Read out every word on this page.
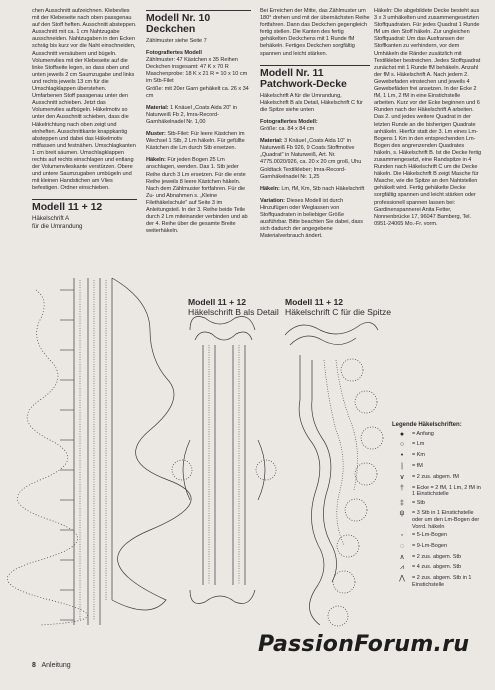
chen Ausschnitt aufzeichnen. Klebevlies mit der Klebeseite nach oben passgenau auf den Stoff heften. Ausschnitt absteppen. Ausschnitt mit ca. 1 cm Nahtzugabe ausschneiden. Nahtzugaben in den Ecken schräg bis kurz vor die Naht einschneiden, Ausschnitt versäubern und bügeln. Volumenvlies mit der Klebeseite auf die linke Stoffseite legen, so dass oben und unten jeweils 2 cm Saumzugabe und links und rechts jeweils 13 cm für die Umschlagklappen überstehen. Umfarbenen Stoff passgenau unter den Ausschnitt schieben. Jetzt das Volumenvlies aufbügeln. Häkelmotiv so unter den Ausschnitt schieben, dass die Häkelrichtung nach oben zeigt und einheften. Ausschnittkante knappkantig absteppen und dabei das Häkelmotiv mitfassen und festnähen. Umschlagkanten 1 cm breit säumen. Umschlagklappen rechts auf rechts einschlagen und entlang der Volumenvlieskante verstürzen. Obere und untere Saumzugaben umbügeln und mit kleinen Handstichen am Vlies befestigen. Ordner einschieben.

Modell 11 + 12
Häkelschrift A
für die Umrandung
Modell Nr. 10
Deckchen

Zählmuster siehe Seite 7

Fotografiertes Modell

Zählmuster: 47 Kästchen x 35 Reihen

Deckchen insgesamt: 47 K x 70 R

Maschenprobe: 18 K x 21 R = 10 x 10 cm im Stb-Filet

Größe: mit 20er Garn gehäkelt ca. 26 x 34 cm

Material: 1 Knäuel „Coats Aida 20" in Naturweiß Fb 2, Imra-Record-Garnhäkelnadel Nr. 1,00

Muster: Stb-Filet: Für leere Kästchen im Wechsel 1 Stb, 2 Lm häkeln. Für gefüllte Kästchen die Lm durch Stb ersetzen.

Häkeln: Für jeden Bogen 25 Lm anschlagen, wenden. Das 1. Stb jeder Reihe durch 3 Lm ersetzen. Für die erste Reihe jeweils 8 leere Kästchen häkeln. Nach dem Zählmuster fortfahren. Für die Zu- und Abnahmen s. „Kleine Filethäkelschule" auf Seite 3 im Anleitungsteil. In der 3. Reihe beide Teile durch 2 Lm miteinander verbinden und ab der 4. Reihe über die gesamte Breite weiterhäkeln.

Bei Erreichen der Mitte, das Zählmuster um 180° drehen und mit der übernächsten Reihe fortfahren. Dann das Deckchen gegengleich fertig stellen. Die Kanten des fertig gehäkelten Deckchens mit 1 Runde fM behäkeln. Fertiges Deckchen sorgfältig spannen und leicht stärken.

Modell Nr. 11
Patchwork-Decke

Häkelschrift A für die Umrandung, Häkelschrift B als Detail, Häkelschrift C für die Spitze siehe unten

Fotografiertes Modell:

Größe: ca. 84 x 84 cm

Material: 3 Knäuel „Coats Aida 10" in Naturweiß Fb 926, 9 Coats Stoffmotive „Quadrat" in Naturweiß, Art. Nr. 4775.0020/926, ca. 20 x 20 cm groß, Uhu Goldtack Textilkleber; Imra-Record-Garnhäkelnadel Nr. 1,25

Häkeln: Lm, fM, Km, Stb nach Häkelschrift

Variation: Dieses Modell ist durch Hinzufügen oder Weglassen von Stoffquadraten in beliebiger Größe ausführbar. Bitte beachten Sie dabei, dass sich dadurch der angegebene Materialverbrauch ändert.

Häkeln: Die abgebildete Decke besteht aus 3 x 3 umhäkelten und zusammengesetzten Stoffquadraten. Für jedes Quadrat 1 Runde fM um den Stoff häkeln. Zur ungleichen Stoffquadrat: Um das Ausfransen der Stoffkanten zu verhindern, vor dem Umhäkeln die Ränder zusätzlich mit Textilkleber bestreichen. Jedes Stoffquadrat zunächst mit 1 Runde fM behäkeln. Anzahl der fM s. Häkelschrift A. Nach jedem 2. Gewebefaden einstechen und jeweils 4 Gewebefäden frei ansetzen. In der Ecke 2 fM, 1 Lm, 2 fM in eine Einstichstelle arbeiten. Kurz vor der Ecke beginnen und 6 Runden nach der Häkelschrift A arbeiten. Das 2. und jedes weitere Quadrat in der letzten Runde an die bisherigen Quadrate anhäkeln. Hierfür statt der 3. Lm eines Lm-Bogens 1 Km in den entsprechenden Lm-Bogen des angrenzenden Quadrates häkeln, s. Häkelschrift B. Ist die Decke fertig zusammengesetzt, eine Randspitze in 4 Runden nach Häkelschrift C um die Decke häkeln. Die Häkelschrift B zeigt Masche für Masche, wie die Spitze an den Nahtstellen gehäkelt wird. Fertig gehäkelte Decke sorgfältig spannen und leicht stärken oder professionell spannen lassen bei: Gardinenspannerei Anita Fetter, Nonnenbrücke 17, 96047 Bamberg, Tel. 0951-24065 Mo.-Fr. vorm.

Modell 11 + 12
Häkelschrift B als Detail
Modell 11 + 12
Häkelschrift C für die Spitze
Legende Häkelschriften:
●	= Anfang
○	= Lm
•	= Km
|	= fM
∨	= 2 zus. abgem. fM
†	= Ecke = 2 fM, 1 Lm, 2 fM in 1 Einstichstelle
‡	= Stb
ψ	= 3 Stb in 1 Einstichstelle oder um den Lm-Bogen der Vorrd. häkeln
◦	= 5-Lm-Bogen
◌	= 9-Lm-Bogen
∧	= 2 zus. abgem. Stb
⩘	= 4 zus. abgem. Stb
⋀	= 2 zus. abgem. Stb in 1 Einstichstelle
8 Anleitung
PassionForum.ru
